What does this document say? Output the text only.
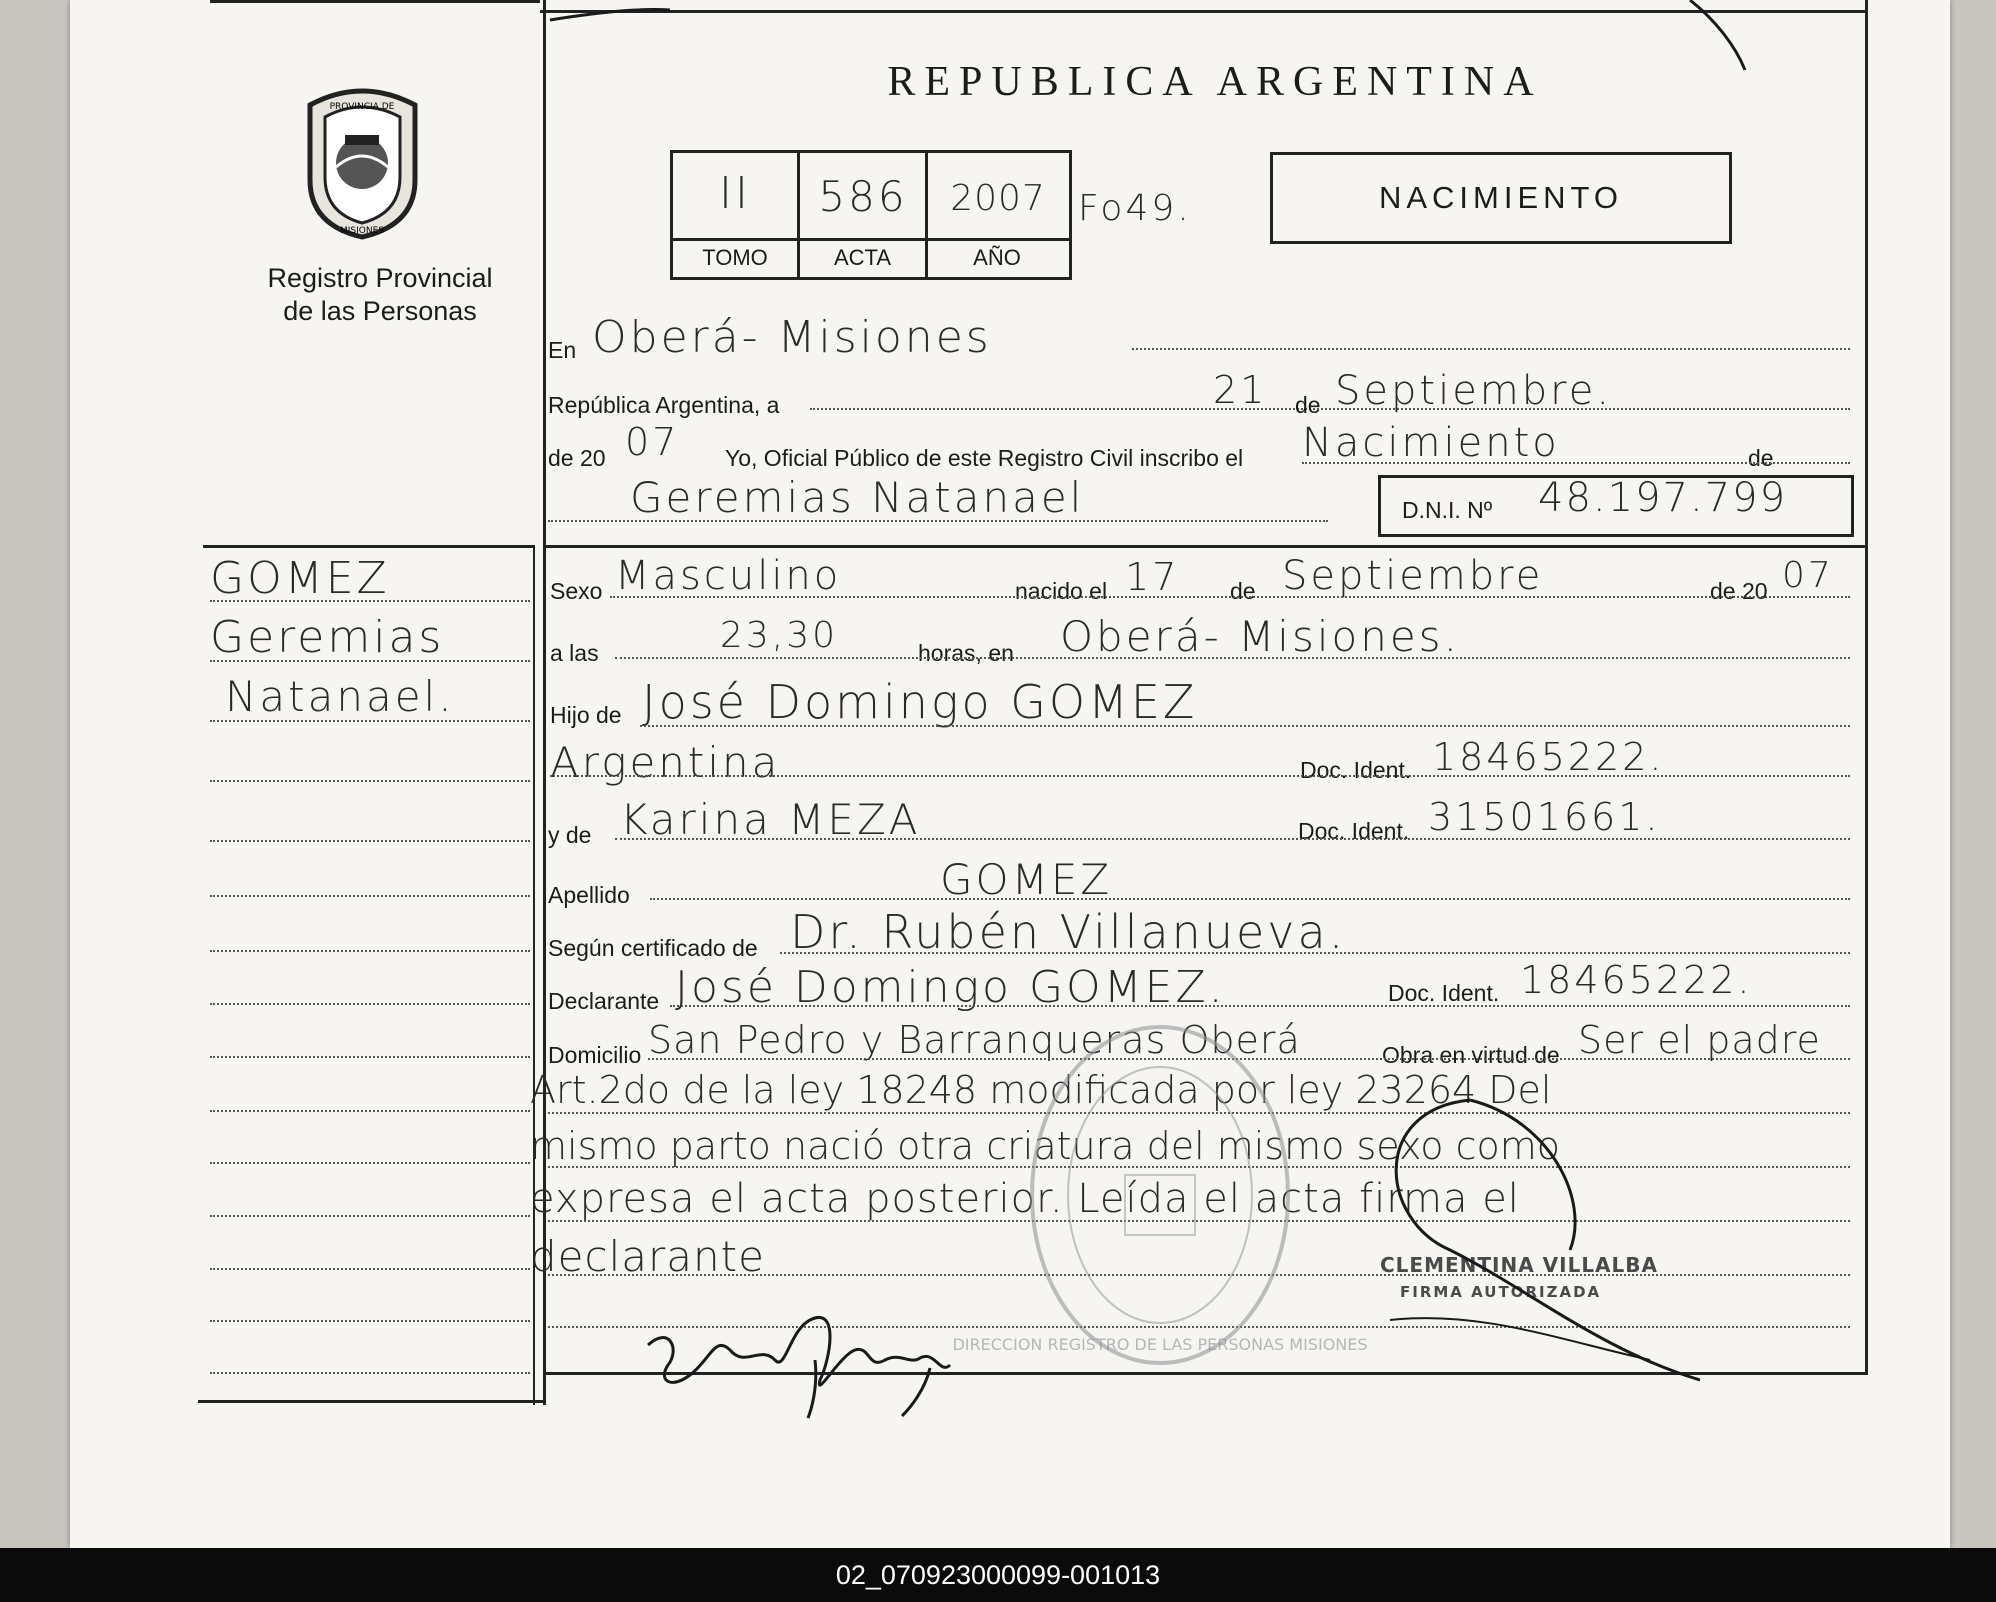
PROVINCIA DE
MISIONES
Registro Provincial
de las Personas
REPUBLICA ARGENTINA
II	586	2007
TOMO	ACTA	AÑO
Fo49.	NACIMIENTO
En Oberá- Misiones
República Argentina, a	21 de Septiembre.
de 20 07 Yo, Oficial Público de este Registro Civil inscribo el Nacimiento	de
Geremias Natanael	D.N.I. Nº 48.197.799
GOMEZ
Geremias
Natanael.
Sexo Masculino	nacido el 17 de Septiembre	de 20 07
a las	23,30	horas, en Oberá- Misiones.
Hijo de José Domingo GOMEZ
Argentina	Doc. Ident. 18465222.
y de Karina MEZA	Doc. Ident. 31501661.
Apellido	GOMEZ
Según certificado de Dr. Rubén Villanueva.
Declarante José Domingo GOMEZ.	Doc. Ident. 18465222.
Domicilio San Pedro y Barranqueras Oberá	Obra en virtud de Ser el padre
Art.2do de la ley 18248 modificada por ley 23264 Del
mismo parto nació otra criatura del mismo sexo como
expresa el acta posterior. Leída el acta firma el
declarante
DIRECCION REGISTRO DE LAS PERSONAS MISIONES
CLEMENTINA VILLALBA
FIRMA AUTORIZADA
02_070923000099-001013
